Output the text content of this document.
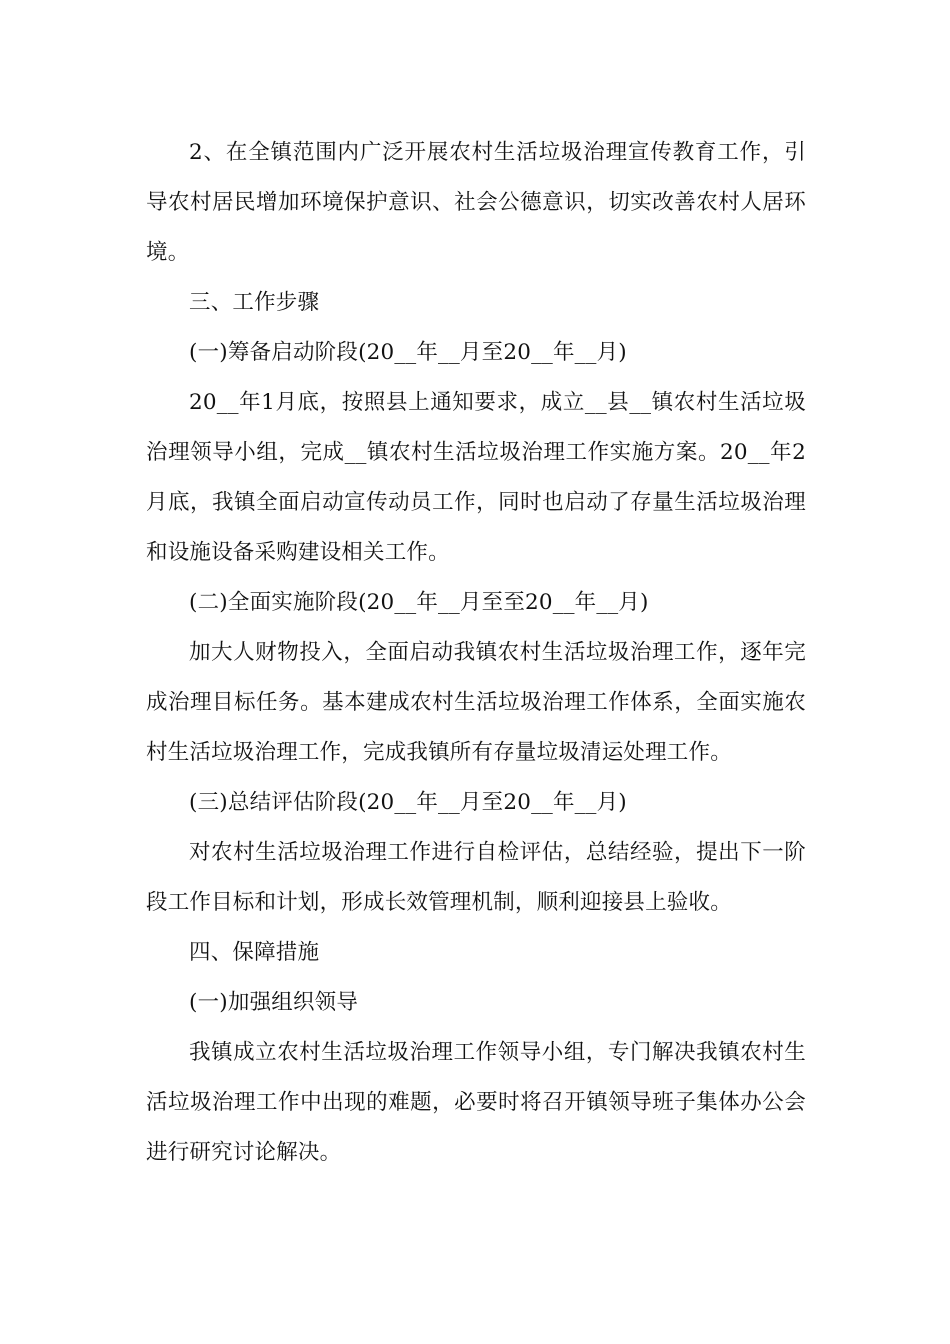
2、在全镇范围内广泛开展农村生活垃圾治理宣传教育工作，引导农村居民增加环境保护意识、社会公德意识，切实改善农村人居环境。

三、工作步骤

(一)筹备启动阶段(20__年__月至20__年__月)

20__年1月底，按照县上通知要求，成立__县__镇农村生活垃圾治理领导小组，完成__镇农村生活垃圾治理工作实施方案。20__年2月底，我镇全面启动宣传动员工作，同时也启动了存量生活垃圾治理和设施设备采购建设相关工作。

(二)全面实施阶段(20__年__月至至20__年__月)

加大人财物投入，全面启动我镇农村生活垃圾治理工作，逐年完成治理目标任务。基本建成农村生活垃圾治理工作体系，全面实施农村生活垃圾治理工作，完成我镇所有存量垃圾清运处理工作。

(三)总结评估阶段(20__年__月至20__年__月)

对农村生活垃圾治理工作进行自检评估，总结经验，提出下一阶段工作目标和计划，形成长效管理机制，顺利迎接县上验收。

四、保障措施

(一)加强组织领导

我镇成立农村生活垃圾治理工作领导小组，专门解决我镇农村生活垃圾治理工作中出现的难题，必要时将召开镇领导班子集体办公会进行研究讨论解决。
